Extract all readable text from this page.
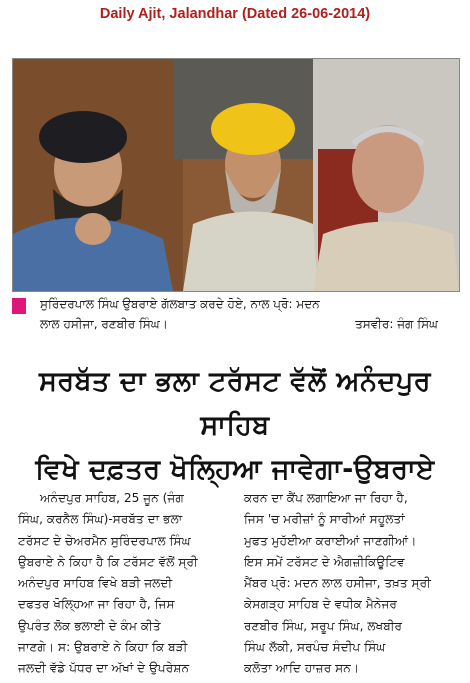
Daily Ajit, Jalandhar (Dated 26-06-2014)
ਸੁਰਿੰਦਰਪਾਲ ਸਿੰਘ ਉਬਰਾਏ ਗੱਲਬਾਤ ਕਰਦੇ ਹੋਏ, ਨਾਲ ਪ੍ਰੋ: ਮਦਨ
ਲਾਲ ਹਸੀਜਾ, ਰਣਬੀਰ ਸਿੰਘ।	ਤਸਵੀਰ: ਜੰਗ ਸਿੰਘ
ਸਰਬੱਤ ਦਾ ਭਲਾ ਟਰੱਸਟ ਵੱਲੋਂ ਅਨੰਦਪੁਰ ਸਾਹਿਬ
ਵਿਖੇ ਦਫ਼ਤਰ ਖੋਲ੍ਹਿਆ ਜਾਵੇਗਾ-ਉਬਰਾਏ
ਅਨੰਦਪੁਰ ਸਾਹਿਬ, 25 ਜੂਨ (ਜੰਗ
ਸਿੰਘ, ਕਰਨੈਲ ਸਿੰਘ)-ਸਰਬੱਤ ਦਾ ਭਲਾ
ਟਰੱਸਟ ਦੇ ਚੇਅਰਮੈਨ ਸੁਰਿੰਦਰਪਾਲ ਸਿੰਘ
ਉਬਰਾਏ ਨੇ ਕਿਹਾ ਹੈ ਕਿ ਟਰੱਸਟ ਵੱਲੋਂ ਸ੍ਰੀ
ਅਨੰਦਪੁਰ ਸਾਹਿਬ ਵਿਖੇ ਬੜੀ ਜਲਦੀ
ਦਫਤਰ ਖੋਲ੍ਹਿਆ ਜਾ ਰਿਹਾ ਹੈ, ਜਿਸ
ਉਪਰੰਤ ਲੋਕ ਭਲਾਈ ਦੇ ਕੰਮ ਕੀਤੇ
ਜਾਣਗੇ। ਸ: ਉਬਰਾਏ ਨੇ ਕਿਹਾ ਕਿ ਬੜੀ
ਜਲਦੀ ਵੱਡੇ ਪੱਧਰ ਦਾ ਅੱਖਾਂ ਦੇ ਉਪਰੇਸ਼ਨ
ਕਰਨ ਦਾ ਕੈਂਪ ਲਗਾਇਆ ਜਾ ਰਿਹਾ ਹੈ,
ਜਿਸ 'ਚ ਮਰੀਜ਼ਾਂ ਨੂੰ ਸਾਰੀਆਂ ਸਹੂਲਤਾਂ
ਮੁਫਤ ਮੁਹੱਈਆ ਕਰਾਈਆਂ ਜਾਣਗੀਆਂ।
ਇਸ ਸਮੇਂ ਟਰੱਸਟ ਦੇ ਐਗਜ਼ੀਕਿਊਟਿਵ
ਮੈਂਬਰ ਪ੍ਰੋ: ਮਦਨ ਲਾਲ ਹਸੀਜਾ, ਤਖ਼ਤ ਸ੍ਰੀ
ਕੇਸਗੜ੍ਹ ਸਾਹਿਬ ਦੇ ਵਧੀਕ ਮੈਨੇਜਰ
ਰਣਬੀਰ ਸਿੰਘ, ਸਰੂਪ ਸਿੰਘ, ਲਖਬੀਰ
ਸਿੰਘ ਲੱਕੀ, ਸਰਪੰਚ ਸੰਦੀਪ ਸਿੰਘ
ਕਲੋਤਾ ਆਦਿ ਹਾਜ਼ਰ ਸਨ।
